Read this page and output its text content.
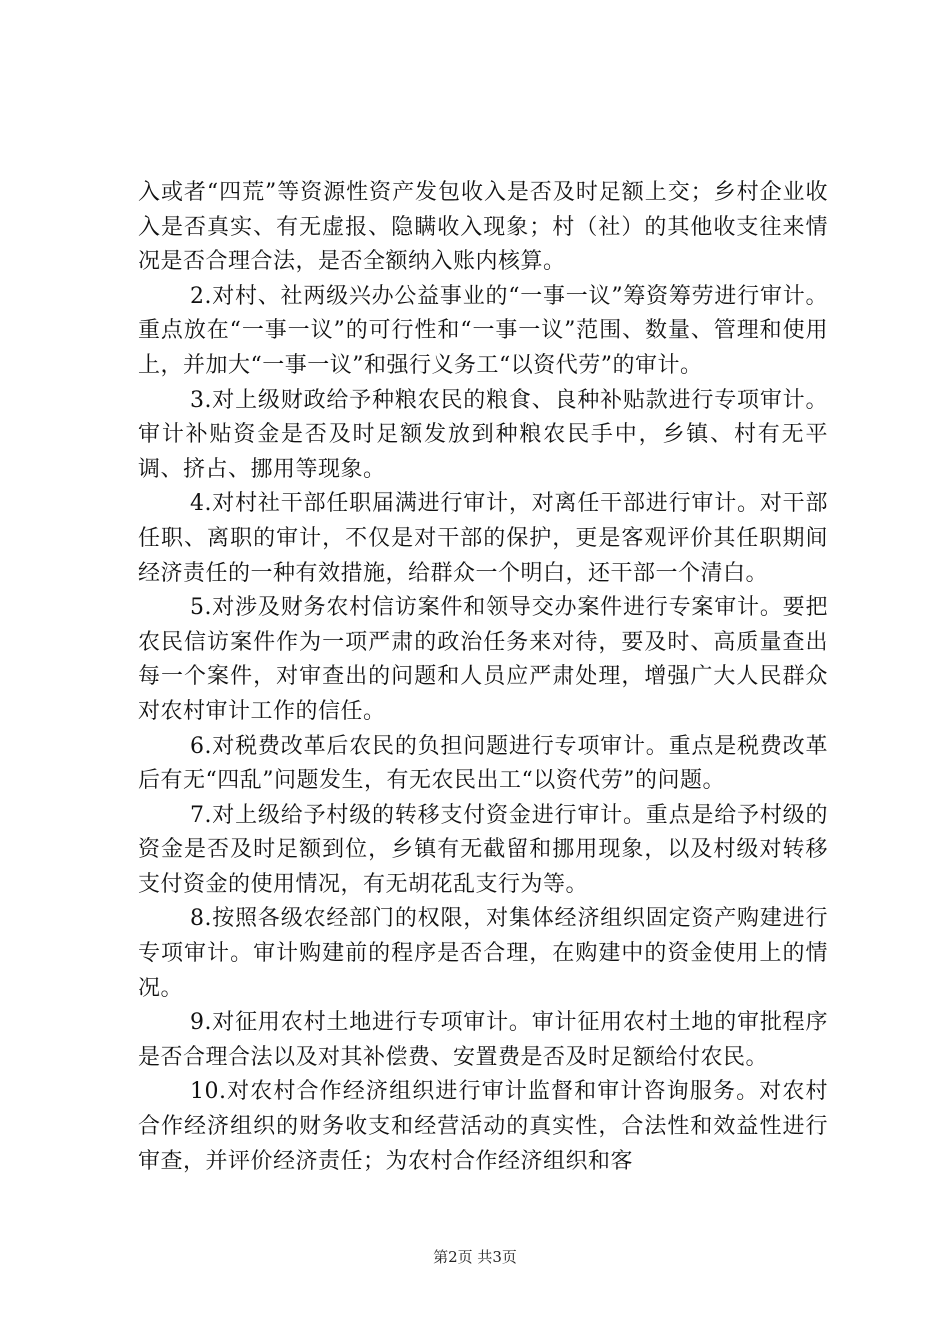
入或者“四荒”等资源性资产发包收入是否及时足额上交；乡村企业收入是否真实、有无虚报、隐瞒收入现象；村（社）的其他收支往来情况是否合理合法，是否全额纳入账内核算。

2.对村、社两级兴办公益事业的“一事一议”筹资筹劳进行审计。重点放在“一事一议”的可行性和“一事一议”范围、数量、管理和使用上，并加大“一事一议”和强行义务工“以资代劳”的审计。

3.对上级财政给予种粮农民的粮食、良种补贴款进行专项审计。审计补贴资金是否及时足额发放到种粮农民手中，乡镇、村有无平调、挤占、挪用等现象。

4.对村社干部任职届满进行审计，对离任干部进行审计。对干部任职、离职的审计，不仅是对干部的保护，更是客观评价其任职期间经济责任的一种有效措施，给群众一个明白，还干部一个清白。

5.对涉及财务农村信访案件和领导交办案件进行专案审计。要把农民信访案件作为一项严肃的政治任务来对待，要及时、高质量查出每一个案件，对审查出的问题和人员应严肃处理，增强广大人民群众对农村审计工作的信任。

6.对税费改革后农民的负担问题进行专项审计。重点是税费改革后有无“四乱”问题发生，有无农民出工“以资代劳”的问题。

7.对上级给予村级的转移支付资金进行审计。重点是给予村级的资金是否及时足额到位，乡镇有无截留和挪用现象，以及村级对转移支付资金的使用情况，有无胡花乱支行为等。

8.按照各级农经部门的权限，对集体经济组织固定资产购建进行专项审计。审计购建前的程序是否合理，在购建中的资金使用上的情况。

9.对征用农村土地进行专项审计。审计征用农村土地的审批程序是否合理合法以及对其补偿费、安置费是否及时足额给付农民。

10.对农村合作经济组织进行审计监督和审计咨询服务。对农村合作经济组织的财务收支和经营活动的真实性，合法性和效益性进行审查，并评价经济责任；为农村合作经济组织和客

第2页 共3页
